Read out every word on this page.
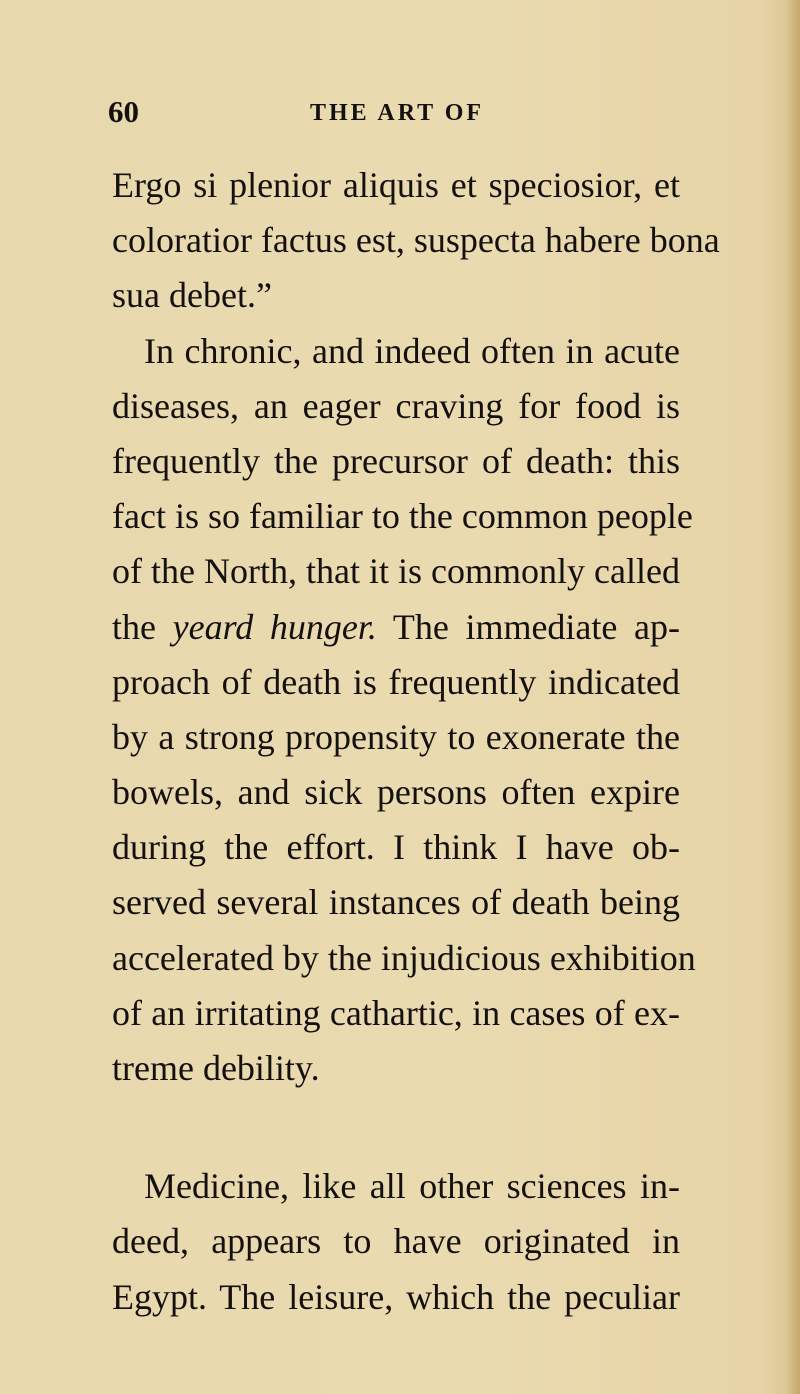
60	THE ART OF
Ergo si plenior aliquis et speciosior, et
coloratior factus est, suspecta habere bona
sua debet.”
In chronic, and indeed often in acute
diseases, an eager craving for food is
frequently the precursor of death: this
fact is so familiar to the common people
of the North, that it is commonly called
the yeard hunger. The immediate ap-
proach of death is frequently indicated
by a strong propensity to exonerate the
bowels, and sick persons often expire
during the effort. I think I have ob-
served several instances of death being
accelerated by the injudicious exhibition
of an irritating cathartic, in cases of ex-
treme debility.
Medicine, like all other sciences in-
deed, appears to have originated in
Egypt. The leisure, which the peculiar
